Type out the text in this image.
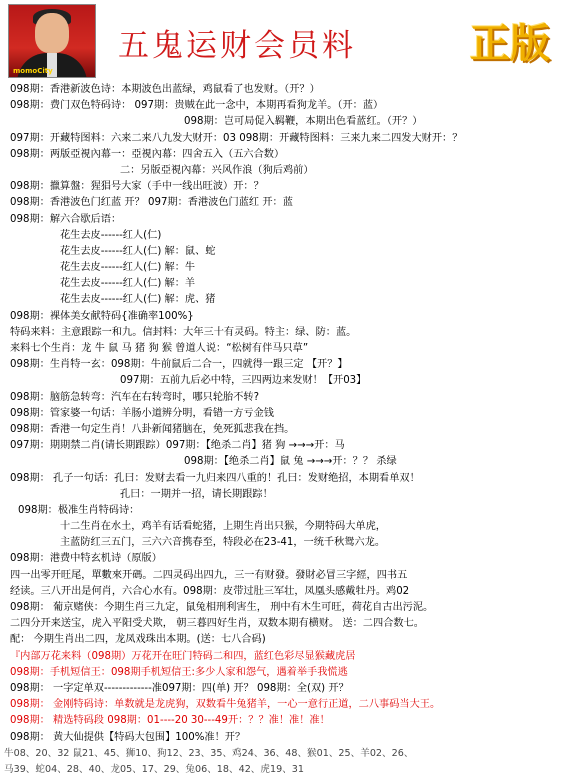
momoCity
五鬼运财会员料	正版
098期：香港新波色诗：本期波色出蓝绿，鸡鼠看了也发财。（开？）
098期：费门双色特码诗： 097期：贵贼在此一念中，本期再看狗龙羊。（开：蓝）
098期：岂可局促入羁鞭，本期出色看蓝红。（开？）
097期：开藏特图料：六来二来八九发大财开：03 098期：开藏特图料：三来九来二四发大财开：？
098期：两版亞視內幕一：亞視內幕：四舍五入（五六合数）
二：另版亞視內幕：兴风作浪（狗后鸡前）
098期：擸算盤：猩猖号大家（手中一线出旺波）开：？
098期：香港波色门红蓝 开？ 097期：香港波色门蓝红 开：蓝
098期：解六合歇后语：
花生去皮------红人(仁)
花生去皮------红人(仁) 解：鼠、蛇
花生去皮------红人(仁) 解：牛
花生去皮------红人(仁) 解：羊
花生去皮------红人(仁) 解：虎、猪
098期：裸体美女献特码{准确率100%}
特码来料：主意跟踪一和九。信封料：大年三十有灵码。特主：绿、防：蓝。
来料七个生肖：龙 牛 鼠 马 猪 狗 猴 曾道人说：“松树有伴马只草”
098期：生肖特一玄：098期：牛前鼠后二合一，四就得一跟三定 【开？】
097期：五前九后必中特，三四两边来发财！【开03】
098期：脑筋急转弯：汽车在右转弯时，哪只轮胎不转?
098期：管家婆一句话：羊肠小道辨分明，看错一方亏金钱
098期：香港一句定生肖！八卦新闻猪脑在，免死狐悲我在挡。
097期：期期禁二肖(请长期跟踪）097期：【绝杀二肖】猪 狗 →→→开：马
098期：【绝杀二肖】鼠 兔 →→→开：？？ 杀绿
098期： 孔子一句话：孔曰：发财去看一九归来四八重的！孔曰：发财绝招，本期看单双！
孔曰：一期并一招，请长期跟踪！
098期：极准生肖特码诗：
十二生肖在水土，鸡羊有话看蛇猪，上期生肖出只猴，今期特码大单虎，
主蓝防红三五门，三六六音携春至，特段必在23-41，一统千秋鸳六龙。
098期：港费中特玄机诗（原版）
四一出零开旺尾，單數來开碼。二四灵码出四九，三一有财發。發財必冒三字經，四书五
经读。三八开出是何肖，六合心水有。098期：皮带过肚三军壮，凤凰头感戴牡丹。鸡02
098期： 葡京赌侠：今期生肖三九定，鼠兔相刑利害生， 刑中有木生可旺，荷花自古出污泥。
二四分开来送宝，虎入平阳受犬欺， 朝三暮四好生肖，双数本期有横财。 送：二四合数七。
配： 今期生肖出二四，龙凤戏珠出本期。(送：七八合码)
『内部万花来料（098期）万花开在旺门特码二和四，蓝红色彩尽显猴藏虎居
098期：手机短信王：098期手机短信王:多少人家和怨气，遇着举手我慌逃
098期： 一字定单双-------------准097期：四(单) 开？ 098期：全(双) 开？
098期： 金刚特码诗：单数就是龙虎狗，双数看牛兔猪羊，一心一意行正道，二八事码当大王。
098期： 精选特码段 098期：01----20 30---49开：？？准！准！准！
098期： 黄大仙提供【特码大包围】100%准！开？
牛08、20、32 鼠21、45、狮10、狗12、23、35、鸡24、36、48、猴01、25、羊02、26、
马39、蛇04、28、40、龙05、17、29、兔06、18、42、虎19、31
